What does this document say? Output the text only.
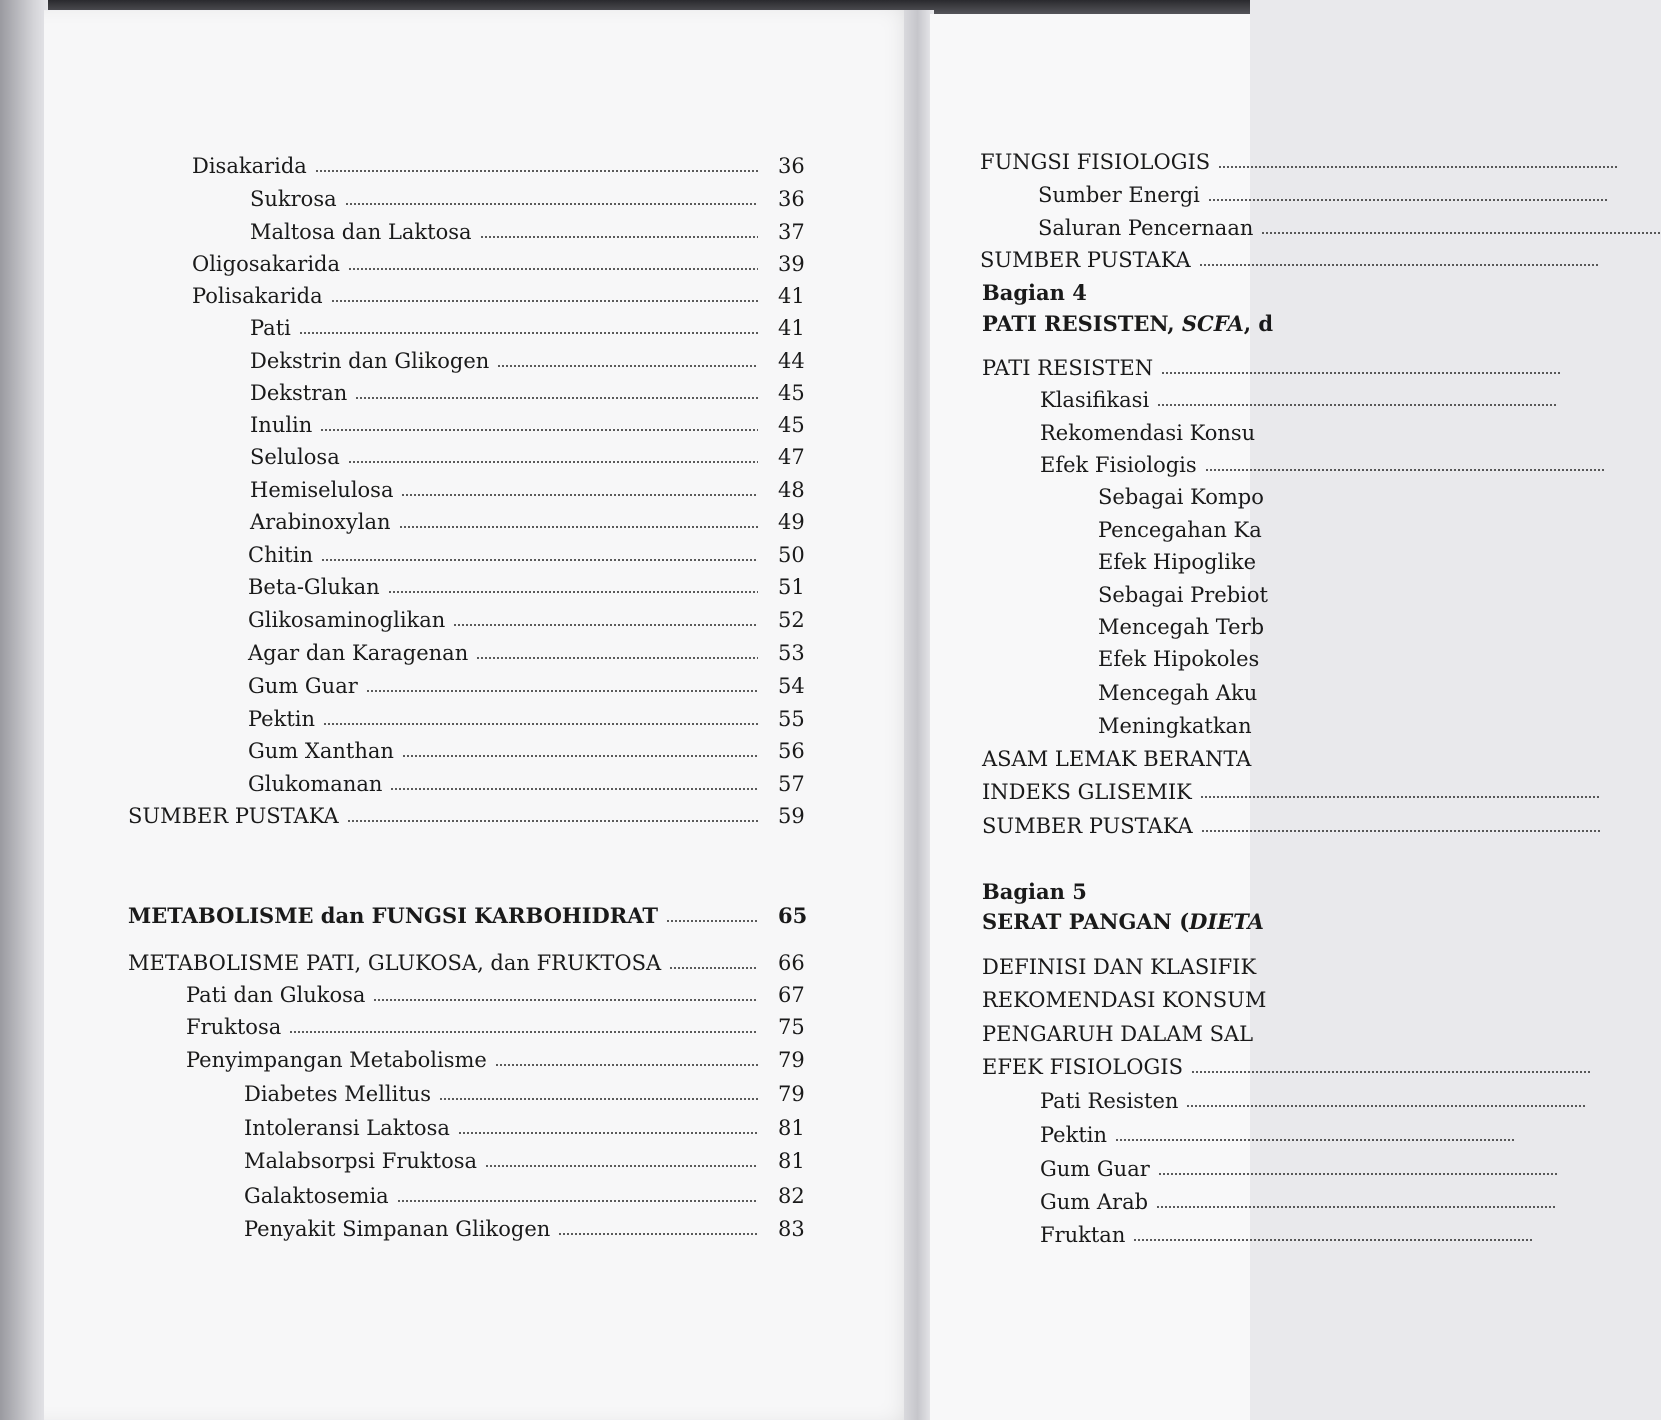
Disakarida	36
Sukrosa	36
Maltosa dan Laktosa	37
Oligosakarida	39
Polisakarida	41
Pati	41
Dekstrin dan Glikogen	44
Dekstran	45
Inulin	45
Selulosa	47
Hemiselulosa	48
Arabinoxylan	49
Chitin	50
Beta-Glukan	51
Glikosaminoglikan	52
Agar dan Karagenan	53
Gum Guar	54
Pektin	55
Gum Xanthan	56
Glukomanan	57
SUMBER PUSTAKA	59
METABOLISME dan FUNGSI KARBOHIDRAT	65
METABOLISME PATI, GLUKOSA, dan FRUKTOSA	66
Pati dan Glukosa	67
Fruktosa	75
Penyimpangan Metabolisme	79
Diabetes Mellitus	79
Intoleransi Laktosa	81
Malabsorpsi Fruktosa	81
Galaktosemia	82
Penyakit Simpanan Glikogen	83
FUNGSI FISIOLOGIS
Sumber Energi
Saluran Pencernaan
SUMBER PUSTAKA
Bagian 4
PATI RESISTEN, SCFA, d
PATI RESISTEN
Klasifikasi
Rekomendasi Konsu
Efek Fisiologis
Sebagai Kompo
Pencegahan Ka
Efek Hipoglike
Sebagai Prebiot
Mencegah Terb
Efek Hipokoles
Mencegah Aku
Meningkatkan
ASAM LEMAK BERANTA
INDEKS GLISEMIK
SUMBER PUSTAKA
Bagian 5
SERAT PANGAN (DIETA
DEFINISI DAN KLASIFIK
REKOMENDASI KONSUM
PENGARUH DALAM SAL
EFEK FISIOLOGIS
Pati Resisten
Pektin
Gum Guar
Gum Arab
Fruktan
